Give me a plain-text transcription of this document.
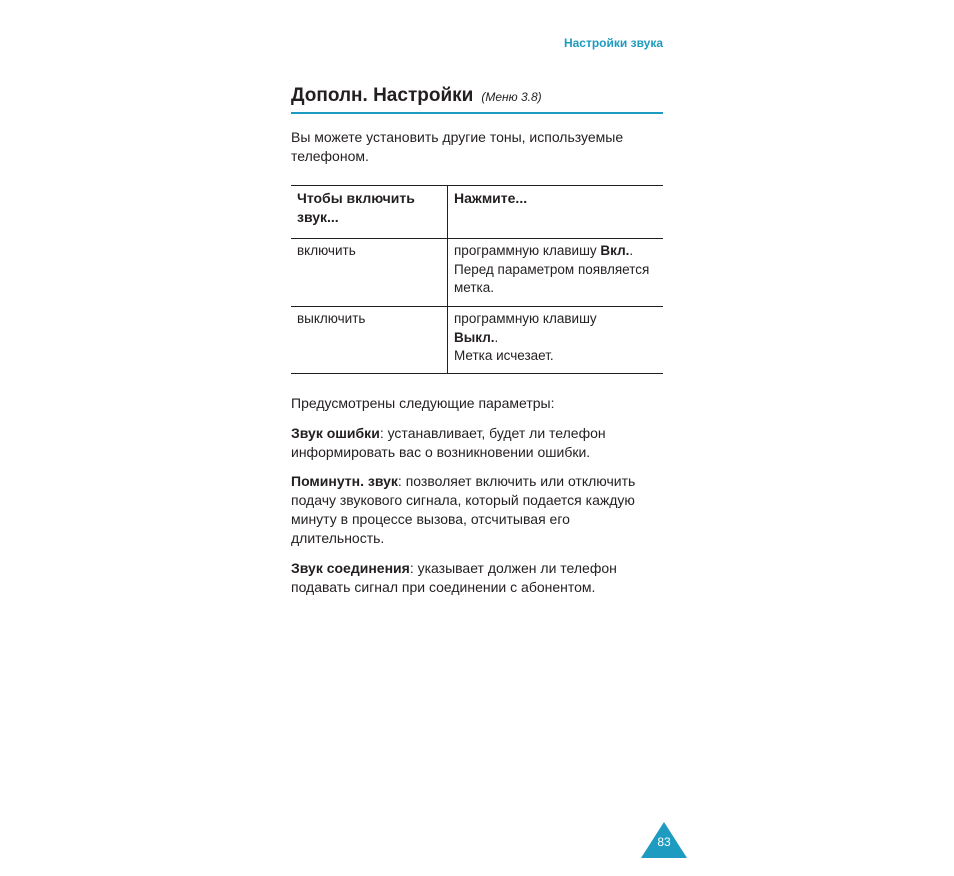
Настройки звука
Дополн. Настройки (Меню 3.8)
Вы можете установить другие тоны, используемые телефоном.
Чтобы включить звук...	Нажмите...
включить	программную клавишу Вкл..
Перед параметром появляется метка.
выключить	программную клавишу
Выкл..
Метка исчезает.
Предусмотрены следующие параметры:
Звук ошибки: устанавливает, будет ли телефон информировать вас о возникновении ошибки.
Поминутн. звук: позволяет включить или отключить подачу звукового сигнала, который подается каждую минуту в процессе вызова, отсчитывая его длительность.
Звук соединения: указывает должен ли телефон подавать сигнал при соединении с абонентом.
83
